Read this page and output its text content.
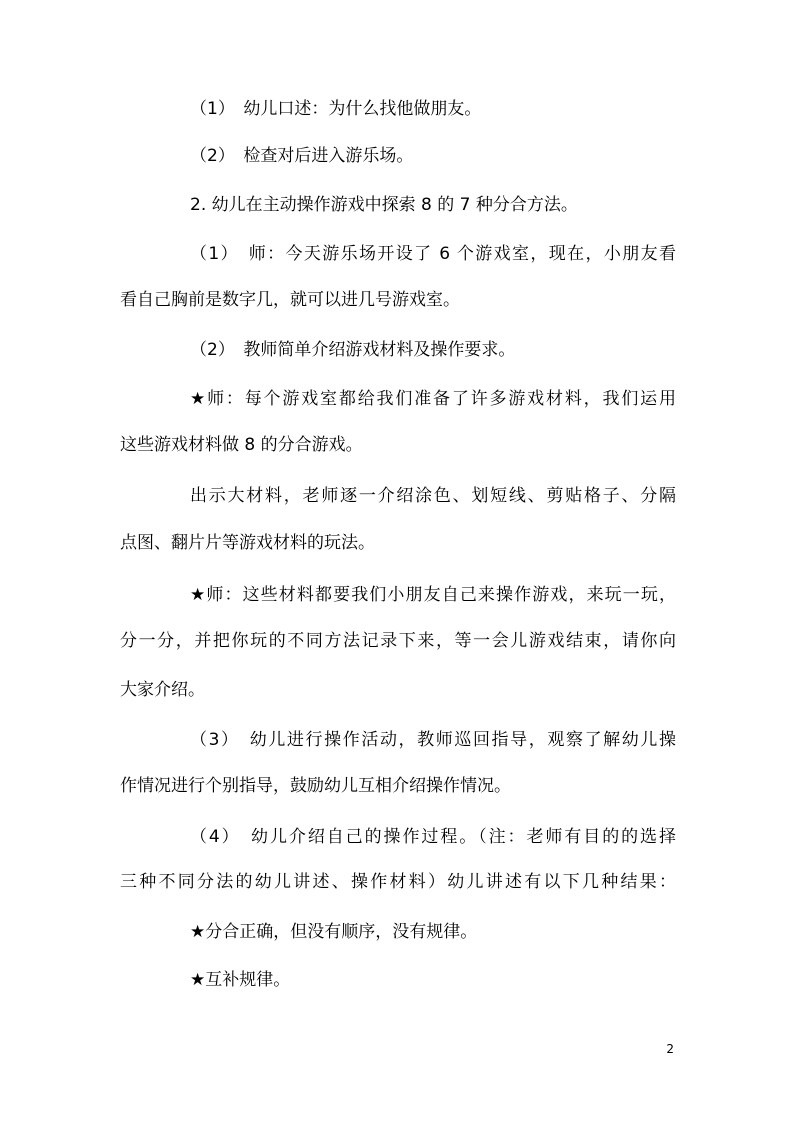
（1）　幼儿口述：为什么找他做朋友。
（2）　检查对后进入游乐场。
2. 幼儿在主动操作游戏中探索 8 的 7 种分合方法。
（1）　师：今天游乐场开设了 6 个游戏室，现在，小朋友看
看自己胸前是数字几，就可以进几号游戏室。
（2）　教师简单介绍游戏材料及操作要求。
★师：每个游戏室都给我们准备了许多游戏材料，我们运用
这些游戏材料做 8 的分合游戏。
出示大材料，老师逐一介绍涂色、划短线、剪贴格子、分隔
点图、翻片片等游戏材料的玩法。
★师：这些材料都要我们小朋友自己来操作游戏，来玩一玩，
分一分，并把你玩的不同方法记录下来，等一会儿游戏结束，请你向
大家介绍。
（3）　幼儿进行操作活动，教师巡回指导，观察了解幼儿操
作情况进行个别指导，鼓励幼儿互相介绍操作情况。
（4）　幼儿介绍自己的操作过程。（注：老师有目的的选择
三种不同分法的幼儿讲述、操作材料）幼儿讲述有以下几种结果：
★分合正确，但没有顺序，没有规律。
★互补规律。
2
